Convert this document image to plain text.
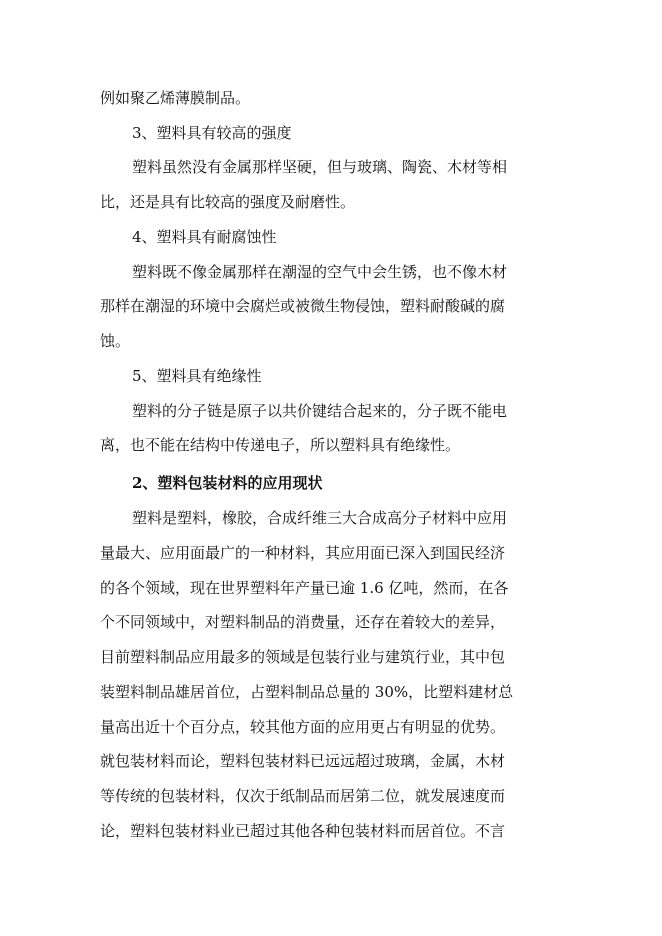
例如聚乙烯薄膜制品。
3、塑料具有较高的强度
塑料虽然没有金属那样坚硬，但与玻璃、陶瓷、木材等相
比，还是具有比较高的强度及耐磨性。
4、塑料具有耐腐蚀性
塑料既不像金属那样在潮湿的空气中会生锈，也不像木材
那样在潮湿的环境中会腐烂或被微生物侵蚀，塑料耐酸碱的腐
蚀。
5、塑料具有绝缘性
塑料的分子链是原子以共价键结合起来的，分子既不能电
离，也不能在结构中传递电子，所以塑料具有绝缘性。
2、塑料包装材料的应用现状
塑料是塑料，橡胶，合成纤维三大合成高分子材料中应用
量最大、应用面最广的一种材料，其应用面已深入到国民经济
的各个领域，现在世界塑料年产量已逾 1.6 亿吨，然而，在各
个不同领域中，对塑料制品的消费量，还存在着较大的差异，
目前塑料制品应用最多的领域是包装行业与建筑行业，其中包
装塑料制品雄居首位，占塑料制品总量的 30%，比塑料建材总
量高出近十个百分点，较其他方面的应用更占有明显的优势。
就包装材料而论，塑料包装材料已远远超过玻璃，金属，木材
等传统的包装材料，仅次于纸制品而居第二位，就发展速度而
论，塑料包装材料业已超过其他各种包装材料而居首位。不言
